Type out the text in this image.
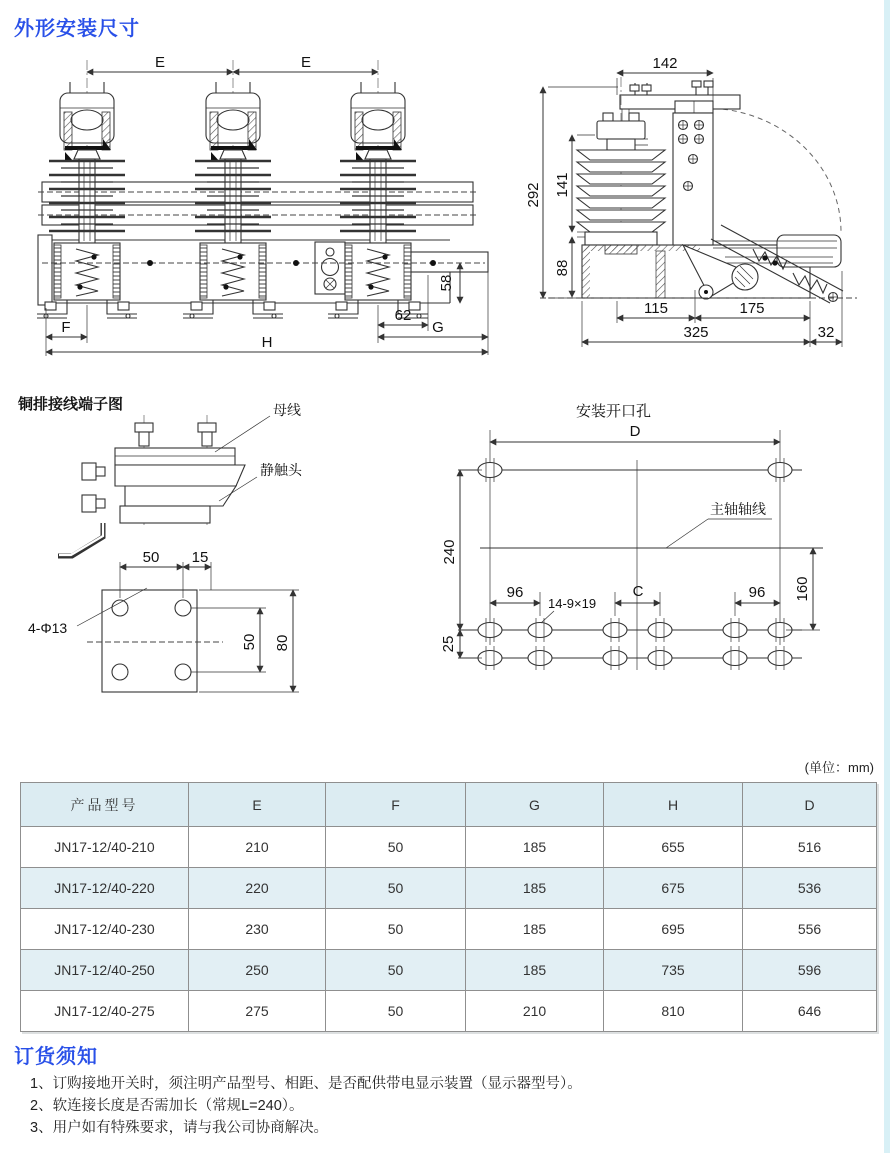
外形安装尺寸
E	E
F
62
G
H
58
142
292 141
88
115	175
325	32
铜排接线端子图	母线
静触头
4-Φ13
50 15
50 80
安装开口孔
主轴轴线
D
240
96
14-9×19
C	96 160
25
(单位：mm)
产品型号	E	F	G	H	D
JN17-12/40-210	210	50	185	655	516
JN17-12/40-220	220	50	185	675	536
JN17-12/40-230	230	50	185	695	556
JN17-12/40-250	250	50	185	735	596
JN17-12/40-275	275	50	210	810	646
订货须知
1、订购接地开关时，须注明产品型号、相距、是否配供带电显示装置（显示器型号）。
2、软连接长度是否需加长（常规L=240）。
3、用户如有特殊要求，请与我公司协商解决。
